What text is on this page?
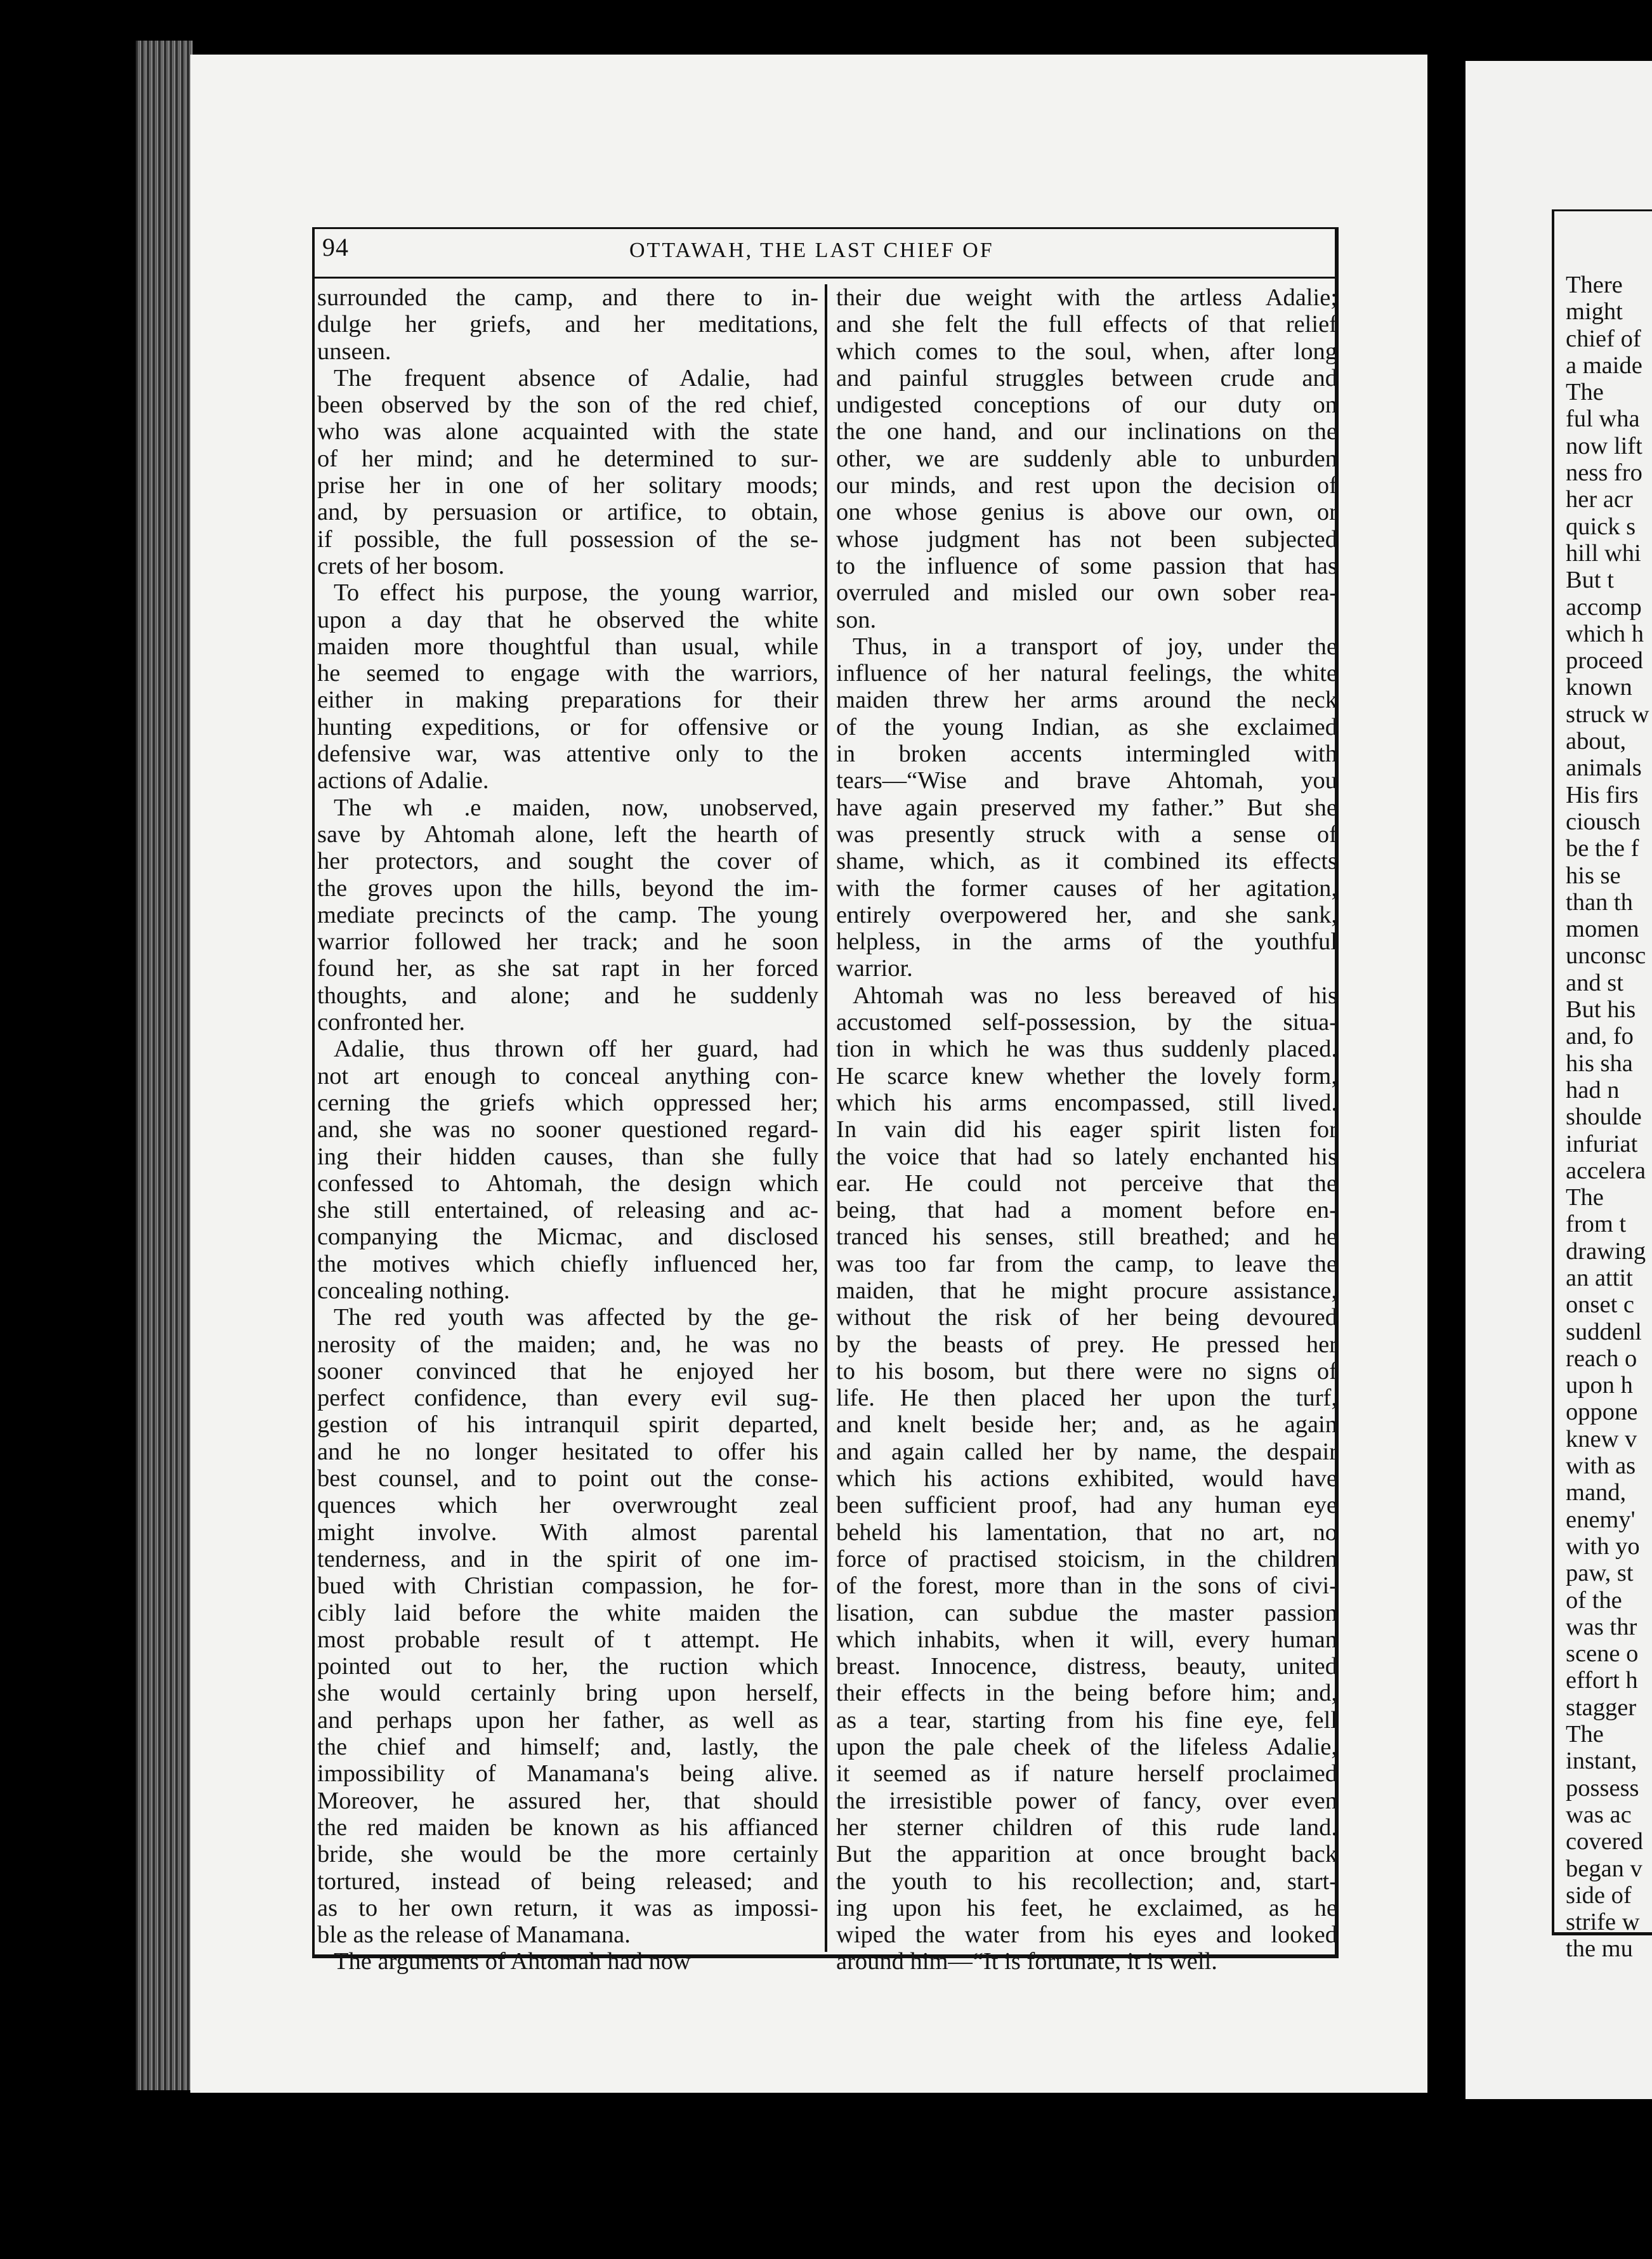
94	OTTAWAH, THE LAST CHIEF OF
surrounded the camp, and there to in-
dulge her griefs, and her meditations,
unseen.
The frequent absence of Adalie, had
been observed by the son of the red chief,
who was alone acquainted with the state
of her mind; and he determined to sur-
prise her in one of her solitary moods;
and, by persuasion or artifice, to obtain,
if possible, the full possession of the se-
crets of her bosom.
To effect his purpose, the young warrior,
upon a day that he observed the white
maiden more thoughtful than usual, while
he seemed to engage with the warriors,
either in making preparations for their
hunting expeditions, or for offensive or
defensive war, was attentive only to the
actions of Adalie.
The wh .e maiden, now, unobserved,
save by Ahtomah alone, left the hearth of
her protectors, and sought the cover of
the groves upon the hills, beyond the im-
mediate precincts of the camp. The young
warrior followed her track; and he soon
found her, as she sat rapt in her forced
thoughts, and alone; and he suddenly
confronted her.
Adalie, thus thrown off her guard, had
not art enough to conceal anything con-
cerning the griefs which oppressed her;
and, she was no sooner questioned regard-
ing their hidden causes, than she fully
confessed to Ahtomah, the design which
she still entertained, of releasing and ac-
companying the Micmac, and disclosed
the motives which chiefly influenced her,
concealing nothing.
The red youth was affected by the ge-
nerosity of the maiden; and, he was no
sooner convinced that he enjoyed her
perfect confidence, than every evil sug-
gestion of his intranquil spirit departed,
and he no longer hesitated to offer his
best counsel, and to point out the conse-
quences which her overwrought zeal
might involve. With almost parental
tenderness, and in the spirit of one im-
bued with Christian compassion, he for-
cibly laid before the white maiden the
most probable result of t attempt. He
pointed out to her, the ruction which
she would certainly bring upon herself,
and perhaps upon her father, as well as
the chief and himself; and, lastly, the
impossibility of Manamana's being alive.
Moreover, he assured her, that should
the red maiden be known as his affianced
bride, she would be the more certainly
tortured, instead of being released; and
as to her own return, it was as impossi-
ble as the release of Manamana.
The arguments of Ahtomah had now
their due weight with the artless Adalie;
and she felt the full effects of that relief
which comes to the soul, when, after long
and painful struggles between crude and
undigested conceptions of our duty on
the one hand, and our inclinations on the
other, we are suddenly able to unburden
our minds, and rest upon the decision of
one whose genius is above our own, or
whose judgment has not been subjected
to the influence of some passion that has
overruled and misled our own sober rea-
son.
Thus, in a transport of joy, under the
influence of her natural feelings, the white
maiden threw her arms around the neck
of the young Indian, as she exclaimed
in broken accents intermingled with
tears—“Wise and brave Ahtomah, you
have again preserved my father.” But she
was presently struck with a sense of
shame, which, as it combined its effects
with the former causes of her agitation,
entirely overpowered her, and she sank,
helpless, in the arms of the youthful
warrior.
Ahtomah was no less bereaved of his
accustomed self-possession, by the situa-
tion in which he was thus suddenly placed.
He scarce knew whether the lovely form,
which his arms encompassed, still lived.
In vain did his eager spirit listen for
the voice that had so lately enchanted his
ear. He could not perceive that the
being, that had a moment before en-
tranced his senses, still breathed; and he
was too far from the camp, to leave the
maiden, that he might procure assistance,
without the risk of her being devoured
by the beasts of prey. He pressed her
to his bosom, but there were no signs of
life. He then placed her upon the turf,
and knelt beside her; and, as he again
and again called her by name, the despair
which his actions exhibited, would have
been sufficient proof, had any human eye
beheld his lamentation, that no art, no
force of practised stoicism, in the children
of the forest, more than in the sons of civi-
lisation, can subdue the master passion
which inhabits, when it will, every human
breast. Innocence, distress, beauty, united
their effects in the being before him; and,
as a tear, starting from his fine eye, fell
upon the pale cheek of the lifeless Adalie,
it seemed as if nature herself proclaimed
the irresistible power of fancy, over even
her sterner children of this rude land.
But the apparition at once brought back
the youth to his recollection; and, start-
ing upon his feet, he exclaimed, as he
wiped the water from his eyes and looked
around him—“It is fortunate, it is well.
There
might
chief of
a maide
The
ful wha
now lift
ness fro
her acr
quick s
hill whi
But t
accomp
which h
proceed
known
struck w
about,
animals
His firs
ciousch
be the f
his se
than th
momen
unconsc
and st
But his
and, fo
his sha
had n
shoulde
infuriat
accelera
The
from t
drawing
an attit
onset c
suddenl
reach o
upon h
oppone
knew v
with as
mand,
enemy'
with yo
paw, st
of the
was thr
scene o
effort h
stagger
The
instant,
possess
was ac
covered
began v
side of
strife w
the mu
